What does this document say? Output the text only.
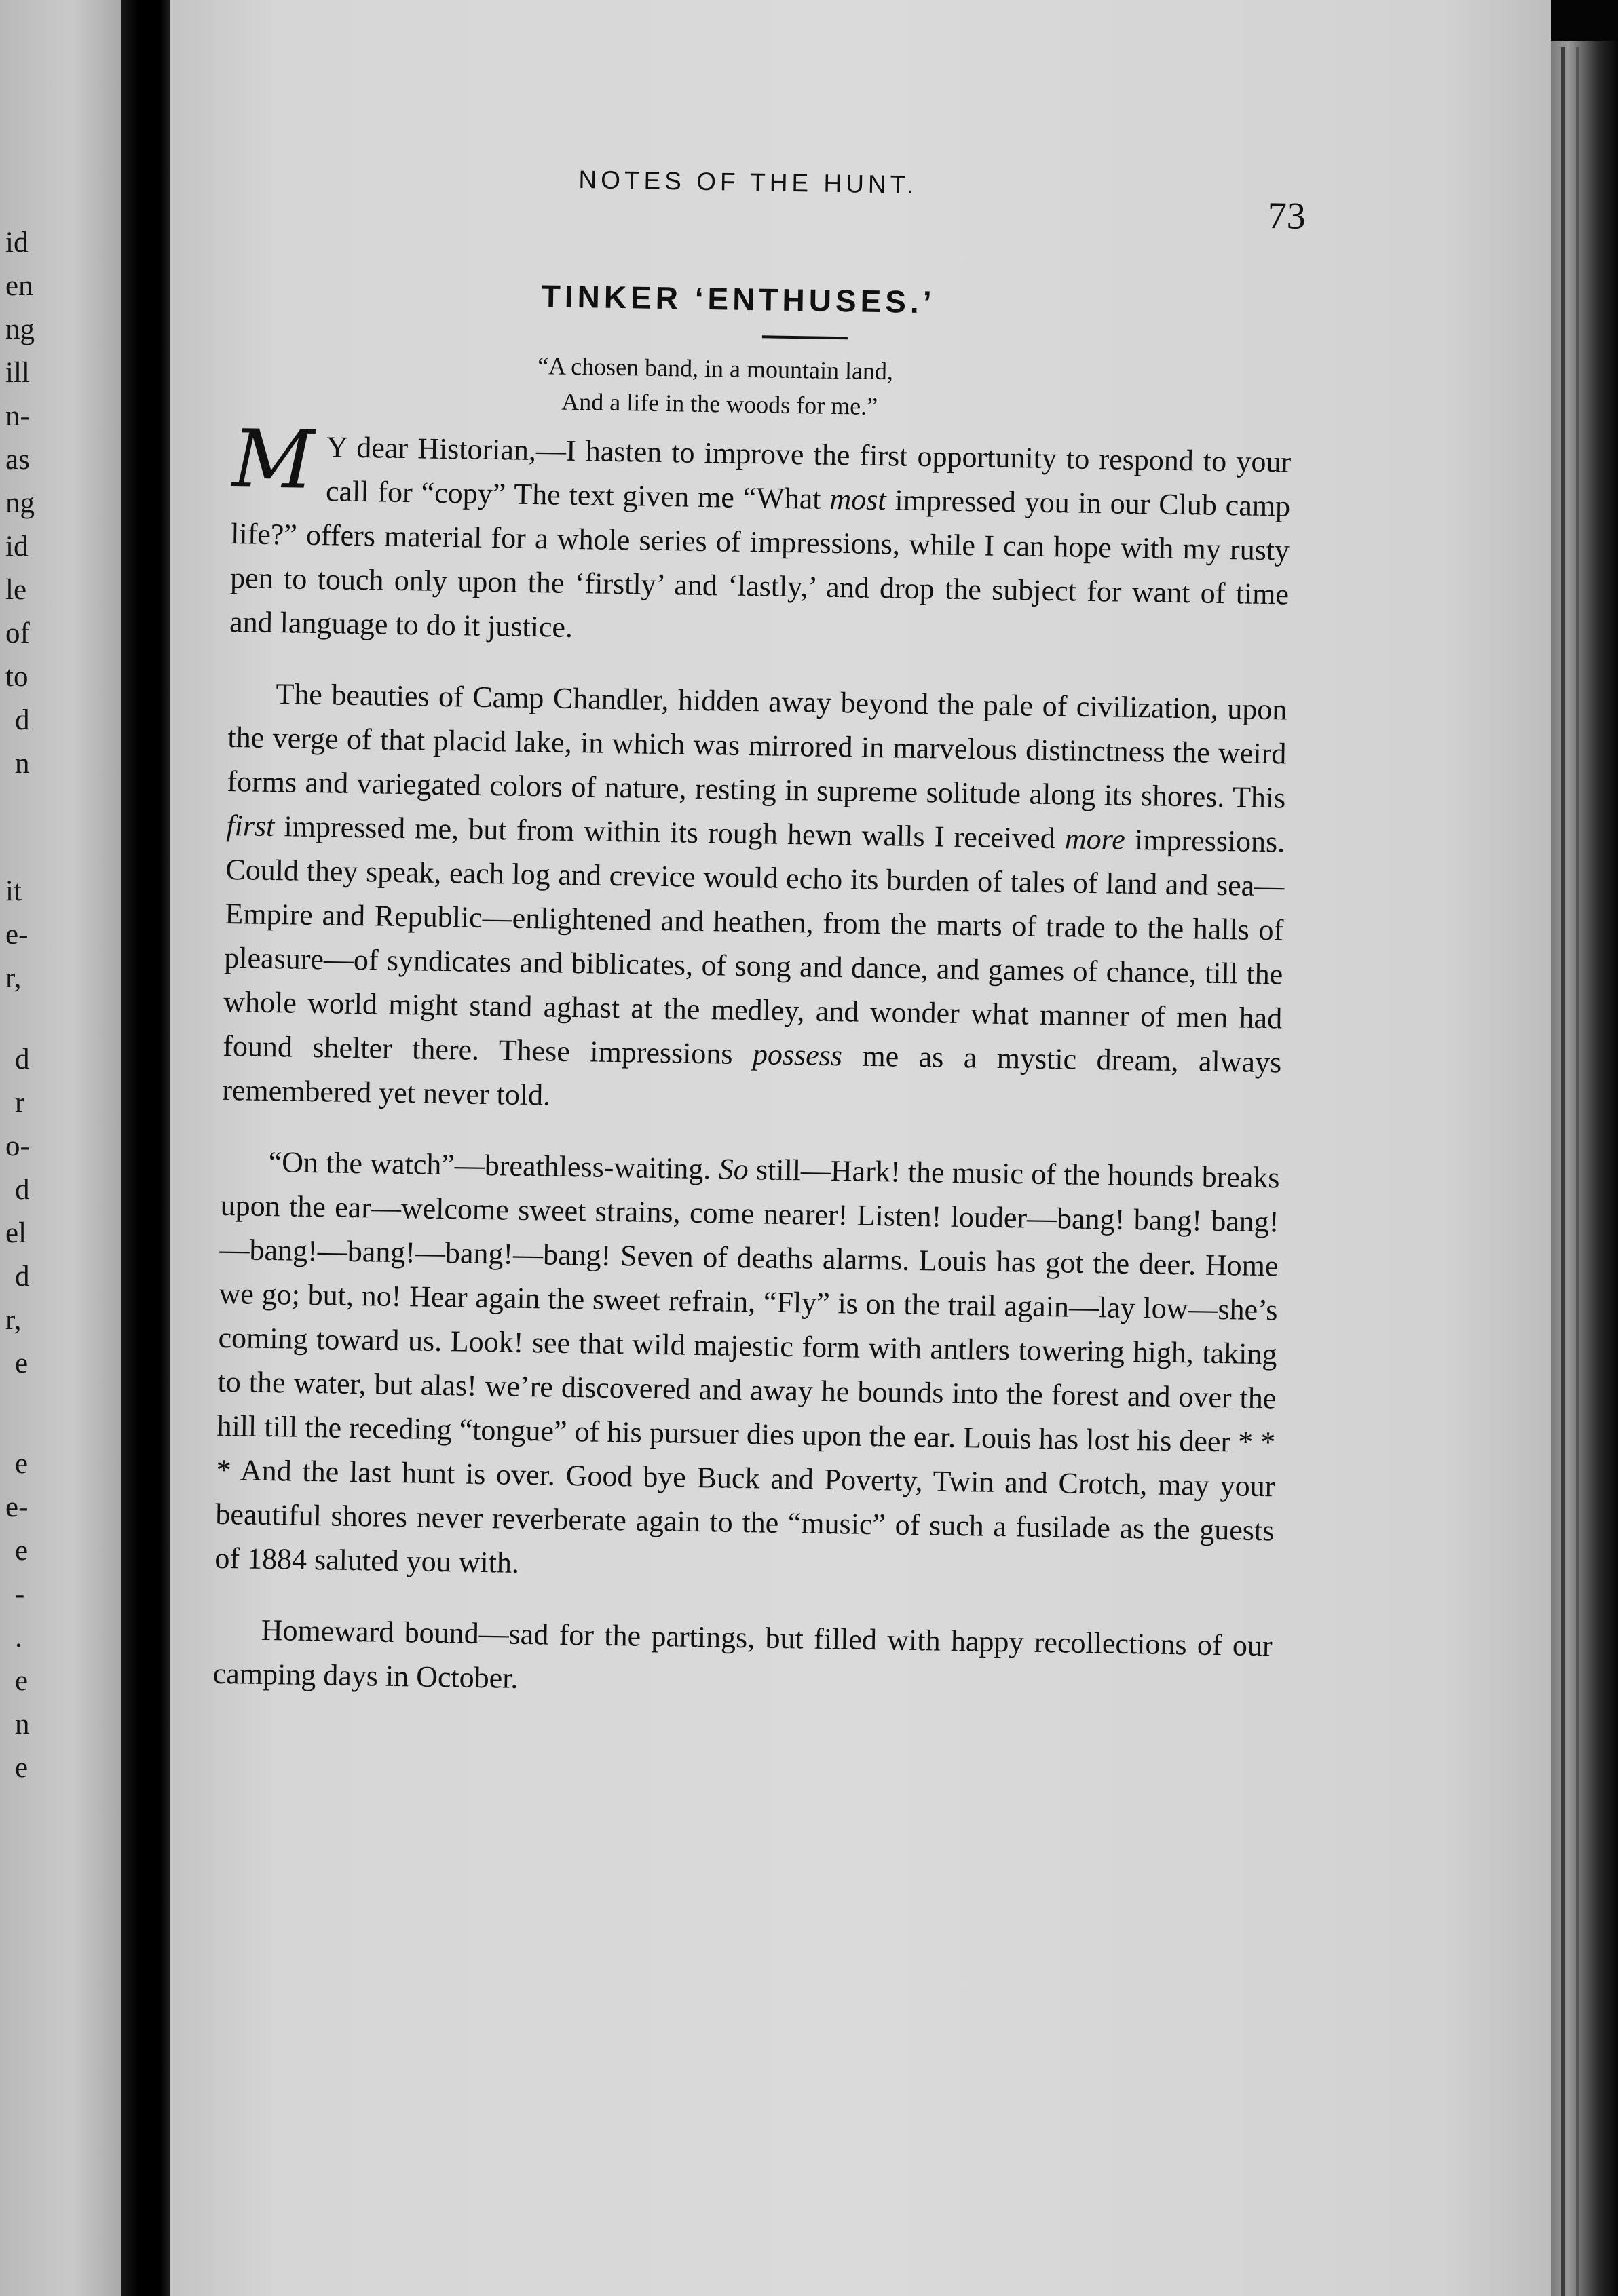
id
en
ng
ill
n-
as
ng
id
le
of
to
d
n
it
e-
r,
d
r
o-
d
el
d
r,
e
e
e-
e
-
.
e
n
e
NOTES OF THE HUNT.
73
TINKER ‘ENTHUSES.’
“A chosen band, in a mountain land,
And a life in the woods for me.”

M Y dear Historian,—I hasten to improve the first opportunity to respond to your call for “copy” The text given me “What most impressed you in our Club camp life?” offers material for a whole series of impressions, while I can hope with my rusty pen to touch only upon the ‘firstly’ and ‘lastly,’ and drop the subject for want of time and language to do it justice.

The beauties of Camp Chandler, hidden away beyond the pale of civilization, upon the verge of that placid lake, in which was mirrored in marvelous distinctness the weird forms and variegated colors of nature, resting in supreme solitude along its shores. This first impressed me, but from within its rough hewn walls I received more impressions. Could they speak, each log and crevice would echo its burden of tales of land and sea—Empire and Republic—enlightened and heathen, from the marts of trade to the halls of pleasure—of syndicates and biblicates, of song and dance, and games of chance, till the whole world might stand aghast at the medley, and wonder what manner of men had found shelter there. These impressions possess me as a mystic dream, always remembered yet never told.

“On the watch”—breathless-waiting. So still—Hark! the music of the hounds breaks upon the ear—welcome sweet strains, come nearer! Listen! louder—bang! bang! bang!—bang!—bang!—bang!—bang! Seven of deaths alarms. Louis has got the deer. Home we go; but, no! Hear again the sweet refrain, “Fly” is on the trail again—lay low—she’s coming toward us. Look! see that wild majestic form with antlers towering high, taking to the water, but alas! we’re discovered and away he bounds into the forest and over the hill till the receding “tongue” of his pursuer dies upon the ear. Louis has lost his deer * * * And the last hunt is over. Good bye Buck and Poverty, Twin and Crotch, may your beautiful shores never reverberate again to the “music” of such a fusilade as the guests of 1884 saluted you with.

Homeward bound—sad for the partings, but filled with happy recollections of our camping days in October.
